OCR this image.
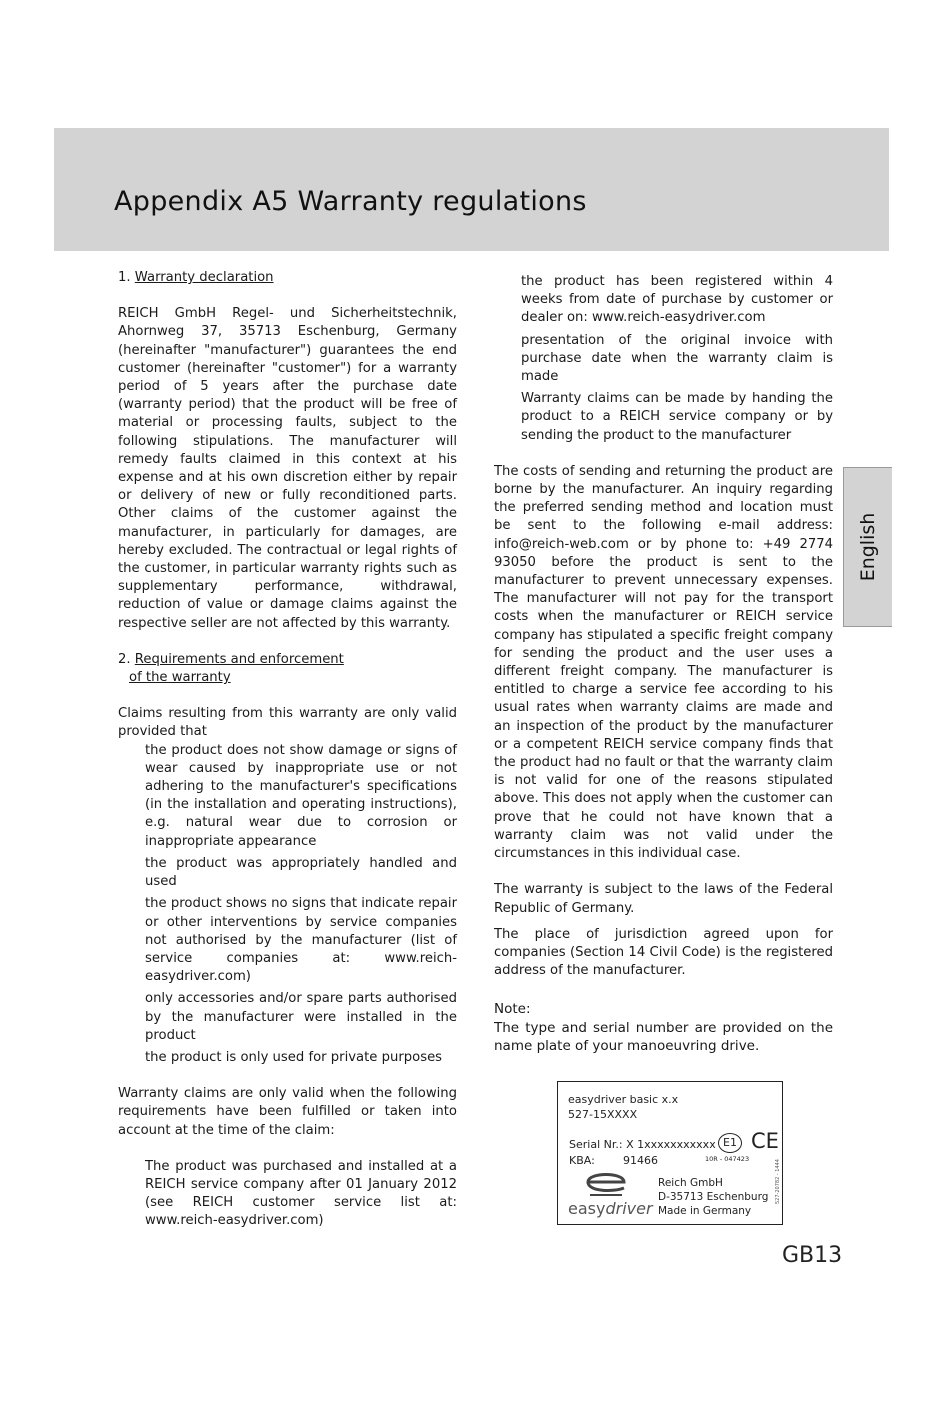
Appendix A5 Warranty regulations
English
1. Warranty declaration

REICH GmbH Regel- und Sicherheitstechnik, Ahornweg 37, 35713 Eschenburg, Germany (hereinafter "manufacturer") guarantees the end customer (hereinafter "customer") for a warranty period of 5 years after the purchase date (warranty period) that the product will be free of material or processing faults, subject to the following stipulations. The manufacturer will remedy faults claimed in this context at his expense and at his own discretion either by repair or delivery of new or fully reconditioned parts. Other claims of the customer against the manufacturer, in particularly for damages, are hereby excluded. The contractual or legal rights of the customer, in particular warranty rights such as supplementary performance, withdrawal, reduction of value or damage claims against the respective seller are not affected by this warranty.

2. Requirements and enforcement
of the warranty

Claims resulting from this warranty are only valid provided that

the product does not show damage or signs of wear caused by inappropriate use or not adhering to the manufacturer's specifications (in the installation and operating instructions), e.g. natural wear due to corrosion or inappropriate appearance
the product was appropriately handled and used
the product shows no signs that indicate repair or other interventions by service companies not authorised by the manufacturer (list of service companies at: www.reich-easydriver.com)
only accessories and/or spare parts authorised by the manufacturer were installed in the product
the product is only used for private purposes

Warranty claims are only valid when the following requirements have been fulfilled or taken into account at the time of the claim:

The product was purchased and installed at a REICH service company after 01 January 2012 (see REICH customer service list at: www.reich-easydriver.com)
the product has been registered within 4 weeks from date of purchase by customer or dealer on: www.reich-easydriver.com
presentation of the original invoice with purchase date when the warranty claim is made
Warranty claims can be made by handing the product to a REICH service company or by sending the product to the manufacturer

The costs of sending and returning the product are borne by the manufacturer. An inquiry regarding the preferred sending method and location must be sent to the following e-mail address: info@reich-web.com or by phone to: +49 2774 93050 before the product is sent to the manufacturer to prevent unnecessary expenses. The manufacturer will not pay for the transport costs when the manufacturer or REICH service company has stipulated a specific freight company for sending the product and the user uses a different freight company. The manufacturer is entitled to charge a service fee according to his usual rates when warranty claims are made and an inspection of the product by the manufacturer or a competent REICH service company finds that the product had no fault or that the warranty claim is not valid for one of the reasons stipulated above. This does not apply when the customer can prove that he could not have known that a warranty claim was not valid under the circumstances in this individual case.

The warranty is subject to the laws of the Federal Republic of Germany.

The place of jurisdiction agreed upon for companies (Section 14 Civil Code) is the registered address of the manufacturer.

Note:

The type and serial number are provided on the name plate of your manoeuvring drive.

easydriver basic x.x
527-15XXXX
Serial Nr.: X 1xxxxxxxxxxx
KBA:	91466
E1 CE
10R - 047423
easydriver
Reich GmbH
D-35713 Eschenburg
Made in Germany
527-20782 - 1444
GB13
